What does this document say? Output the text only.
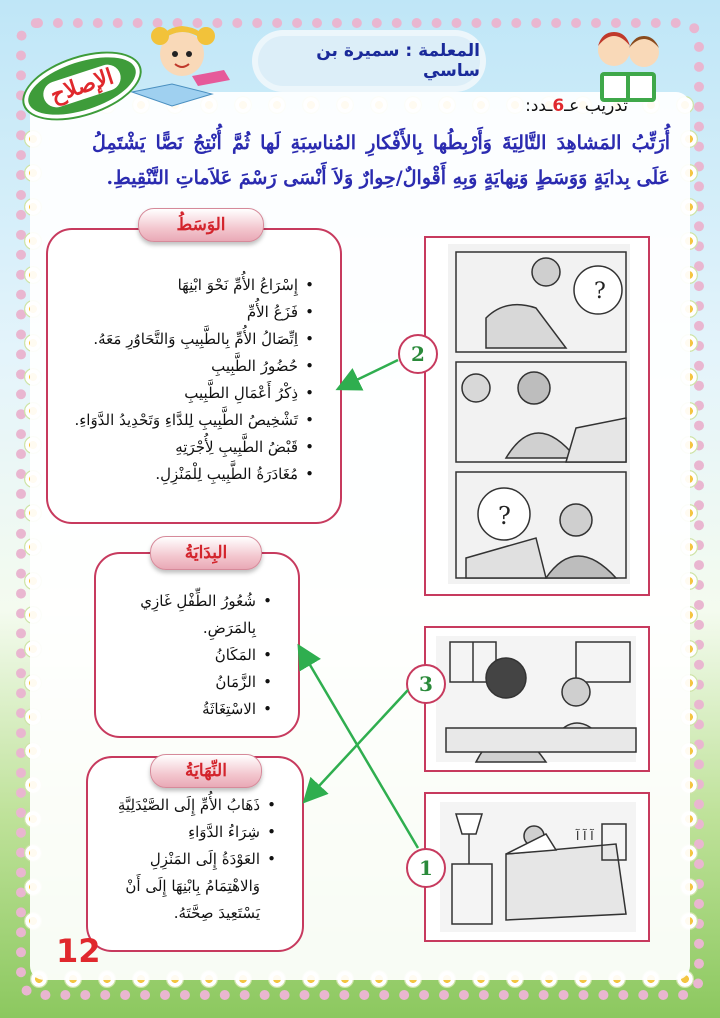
الإصلاح
المعلمة : سميرة بن ساسي
تدريب عـ6ـدد:
أُرَتِّبُ المَشاهِدَ التَّالِيَةَ وَأَرْبِطُها بِالأَفْكارِ المُناسِبَةِ لَها ثُمَّ أُنْتِجُ نَصًّا يَشْتَمِلُ عَلَى بِدايَةٍ وَوَسَطٍ وَنِهايَةٍ وَبِهِ أَقْوالٌ/حِوارٌ وَلاَ أَنْسَى رَسْمَ عَلاَماتِ التَّنْقِيطِ.
• إِسْرَاعُ الأُمِّ نَحْوَ ابْنِهَا
• فَزَعُ الأُمِّ
• اِتِّصَالُ الأُمِّ بِالطَّبِيبِ وَالتَّحَاوُرِ مَعَهُ.
• حُضُورُ الطَّبِيبِ
• ذِكْرُ أَعْمَالِ الطَّبِيبِ
• تَشْخِيصُ الطَّبِيبِ لِلدَّاءِ وَتَحْدِيدُ الدَّوَاءِ.
• قَبْضُ الطَّبِيبِ لِأُجْرَتِهِ
• مُغَادَرَةُ الطَّبِيبِ لِلْمَنْزِلِ.
الوَسَطُ
• شُعُورُ الطِّفْلِ غَازِي بِالمَرَضِ.
• المَكَانُ
• الزَّمَانُ
• الاسْتِغَاثَةُ
البِدَايَةُ
• ذَهَابُ الأُمِّ إِلَى الصَّيْدَلِيَّةِ
• شِرَاءُ الدَّوَاءِ
• العَوْدَةُ إِلَى المَنْزِلِ وَالاهْتِمَامُ بِابْنِهَا إِلَى أَنْ يَسْتَعِيدَ صِحَّتَهُ.
النِّهَايَةُ
?
?
آ آ آ
2
3
1
12
